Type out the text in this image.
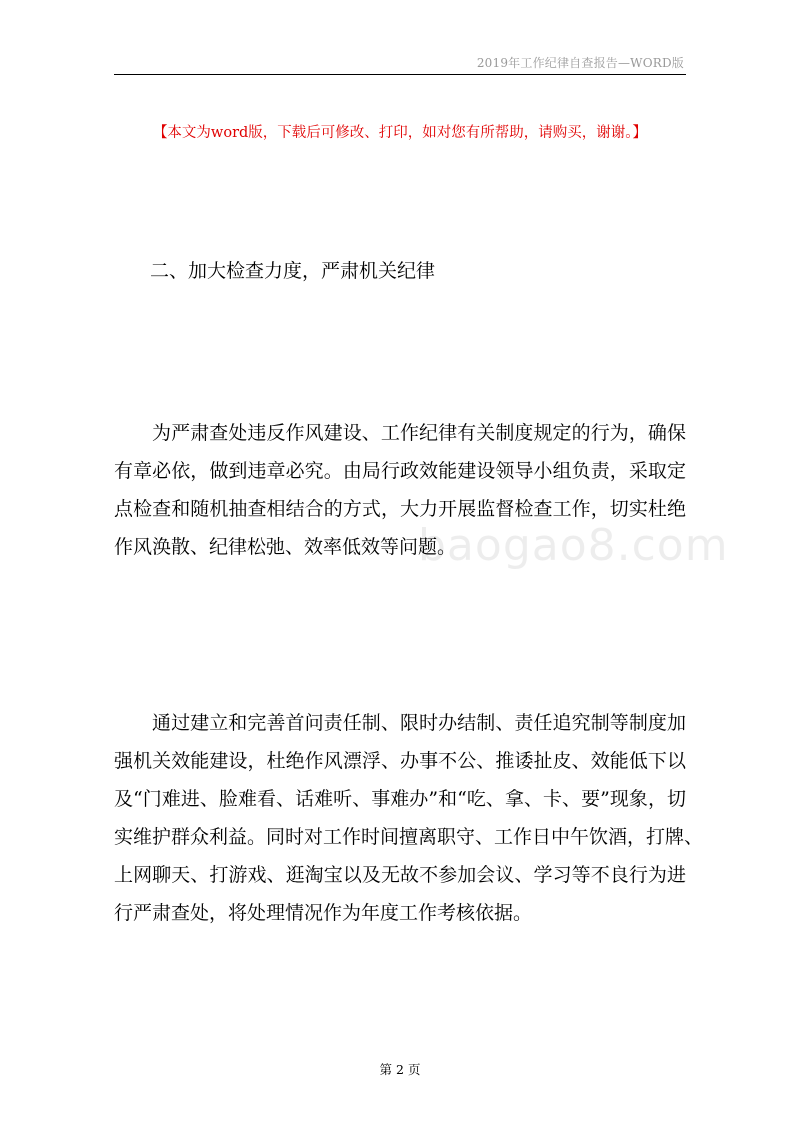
2019年工作纪律自查报告—WORD版
【本文为word版，下载后可修改、打印，如对您有所帮助，请购买，谢谢。】
二、加大检查力度，严肃机关纪律
为严肃查处违反作风建设、工作纪律有关制度规定的行为，确保
有章必依，做到违章必究。由局行政效能建设领导小组负责，采取定
点检查和随机抽查相结合的方式，大力开展监督检查工作，切实杜绝
作风涣散、纪律松弛、效率低效等问题。
baogao8.com
通过建立和完善首问责任制、限时办结制、责任追究制等制度加
强机关效能建设，杜绝作风漂浮、办事不公、推诿扯皮、效能低下以
及“门难进、脸难看、话难听、事难办”和“吃、拿、卡、要”现象，切
实维护群众利益。同时对工作时间擅离职守、工作日中午饮酒，打牌、
上网聊天、打游戏、逛淘宝以及无故不参加会议、学习等不良行为进
行严肃查处，将处理情况作为年度工作考核依据。
第 2 页
